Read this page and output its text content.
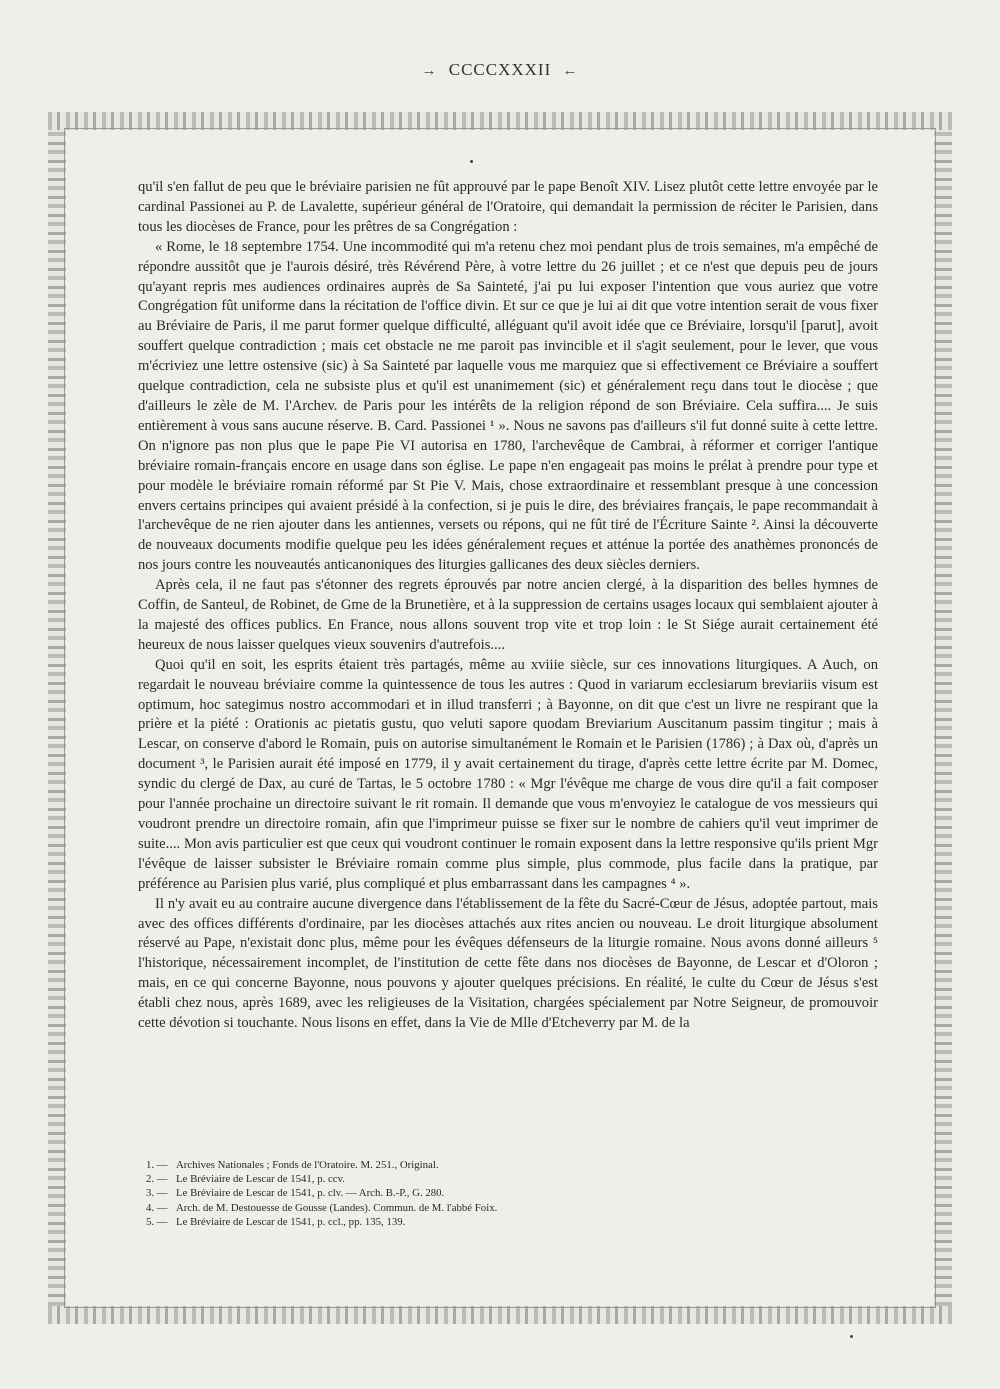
→ CCCCXXXII ←

qu'il s'en fallut de peu que le bréviaire parisien ne fût approuvé par le pape Benoît XIV. Lisez plutôt cette lettre envoyée par le cardinal Passionei au P. de Lavalette, supérieur général de l'Oratoire, qui demandait la permission de réciter le Parisien, dans tous les diocèses de France, pour les prêtres de sa Congrégation :

« Rome, le 18 septembre 1754. Une incommodité qui m'a retenu chez moi pendant plus de trois semaines, m'a empêché de répondre aussitôt que je l'aurois désiré, très Révérend Père, à votre lettre du 26 juillet ; et ce n'est que depuis peu de jours qu'ayant repris mes audiences ordinaires auprès de Sa Sainteté, j'ai pu lui exposer l'intention que vous auriez que votre Congrégation fût uniforme dans la récitation de l'office divin. Et sur ce que je lui ai dit que votre intention serait de vous fixer au Bréviaire de Paris, il me parut former quelque difficulté, alléguant qu'il avoit idée que ce Bréviaire, lorsqu'il [parut], avoit souffert quelque contradiction ; mais cet obstacle ne me paroit pas invincible et il s'agit seulement, pour le lever, que vous m'écriviez une lettre ostensive (sic) à Sa Sainteté par laquelle vous me marquiez que si effectivement ce Bréviaire a souffert quelque contradiction, cela ne subsiste plus et qu'il est unanimement (sic) et généralement reçu dans tout le diocèse ; que d'ailleurs le zèle de M. l'Archev. de Paris pour les intérêts de la religion répond de son Bréviaire. Cela suffira.... Je suis entièrement à vous sans aucune réserve. B. Card. Passionei ¹ ». Nous ne savons pas d'ailleurs s'il fut donné suite à cette lettre. On n'ignore pas non plus que le pape Pie VI autorisa en 1780, l'archevêque de Cambrai, à réformer et corriger l'antique bréviaire romain-français encore en usage dans son église. Le pape n'en engageait pas moins le prélat à prendre pour type et pour modèle le bréviaire romain réformé par St Pie V. Mais, chose extraordinaire et ressemblant presque à une concession envers certains principes qui avaient présidé à la confection, si je puis le dire, des bréviaires français, le pape recommandait à l'archevêque de ne rien ajouter dans les antiennes, versets ou répons, qui ne fût tiré de l'Écriture Sainte ². Ainsi la découverte de nouveaux documents modifie quelque peu les idées généralement reçues et atténue la portée des anathèmes prononcés de nos jours contre les nouveautés anticanoniques des liturgies gallicanes des deux siècles derniers.

Après cela, il ne faut pas s'étonner des regrets éprouvés par notre ancien clergé, à la disparition des belles hymnes de Coffin, de Santeul, de Robinet, de Gme de la Brunetière, et à la suppression de certains usages locaux qui semblaient ajouter à la majesté des offices publics. En France, nous allons souvent trop vite et trop loin : le St Siége aurait certainement été heureux de nous laisser quelques vieux souvenirs d'autrefois....

Quoi qu'il en soit, les esprits étaient très partagés, même au xviiie siècle, sur ces innovations liturgiques. A Auch, on regardait le nouveau bréviaire comme la quintessence de tous les autres : Quod in variarum ecclesiarum breviariis visum est optimum, hoc sategimus nostro accommodari et in illud transferri ; à Bayonne, on dit que c'est un livre ne respirant que la prière et la piété : Orationis ac pietatis gustu, quo veluti sapore quodam Breviarium Auscitanum passim tingitur ; mais à Lescar, on conserve d'abord le Romain, puis on autorise simultanément le Romain et le Parisien (1786) ; à Dax où, d'après un document ³, le Parisien aurait été imposé en 1779, il y avait certainement du tirage, d'après cette lettre écrite par M. Domec, syndic du clergé de Dax, au curé de Tartas, le 5 octobre 1780 : « Mgr l'évêque me charge de vous dire qu'il a fait composer pour l'année prochaine un directoire suivant le rit romain. Il demande que vous m'envoyiez le catalogue de vos messieurs qui voudront prendre un directoire romain, afin que l'imprimeur puisse se fixer sur le nombre de cahiers qu'il veut imprimer de suite.... Mon avis particulier est que ceux qui voudront continuer le romain exposent dans la lettre responsive qu'ils prient Mgr l'évêque de laisser subsister le Bréviaire romain comme plus simple, plus commode, plus facile dans la pratique, par préférence au Parisien plus varié, plus compliqué et plus embarrassant dans les campagnes ⁴ ».

Il n'y avait eu au contraire aucune divergence dans l'établissement de la fête du Sacré-Cœur de Jésus, adoptée partout, mais avec des offices différents d'ordinaire, par les diocèses attachés aux rites ancien ou nouveau. Le droit liturgique absolument réservé au Pape, n'existait donc plus, même pour les évêques défenseurs de la liturgie romaine. Nous avons donné ailleurs ⁵ l'historique, nécessairement incomplet, de l'institution de cette fête dans nos diocèses de Bayonne, de Lescar et d'Oloron ; mais, en ce qui concerne Bayonne, nous pouvons y ajouter quelques précisions. En réalité, le culte du Cœur de Jésus s'est établi chez nous, après 1689, avec les religieuses de la Visitation, chargées spécialement par Notre Seigneur, de promouvoir cette dévotion si touchante. Nous lisons en effet, dans la Vie de Mlle d'Etcheverry par M. de la

1. — Archives Nationales ; Fonds de l'Oratoire. M. 251., Original.
2. — Le Bréviaire de Lescar de 1541, p. ccv.
3. — Le Bréviaire de Lescar de 1541, p. clv. — Arch. B.-P., G. 280.
4. — Arch. de M. Destouesse de Gousse (Landes). Commun. de M. l'abbé Foix.
5. — Le Bréviaire de Lescar de 1541, p. ccl., pp. 135, 139.
